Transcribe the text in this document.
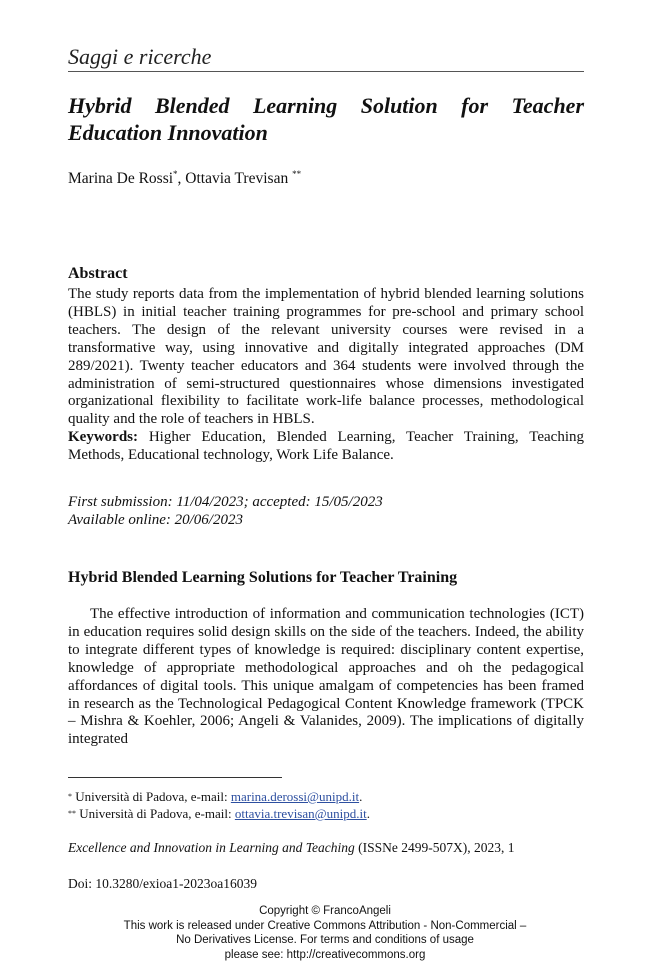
Saggi e ricerche
Hybrid Blended Learning Solution for Teacher Education Innovation
Marina De Rossi*, Ottavia Trevisan **
Abstract
The study reports data from the implementation of hybrid blended learning solutions (HBLS) in initial teacher training programmes for pre-school and primary school teachers. The design of the relevant university courses were revised in a transformative way, using innovative and digitally integrated approaches (DM 289/2021). Twenty teacher educators and 364 students were involved through the administration of semi-structured questionnaires whose dimensions investigated organizational flexibility to facilitate work-life balance processes, methodological quality and the role of teachers in HBLS.
Keywords: Higher Education, Blended Learning, Teacher Training, Teaching Methods, Educational technology, Work Life Balance.
First submission: 11/04/2023; accepted: 15/05/2023
Available online: 20/06/2023
Hybrid Blended Learning Solutions for Teacher Training
The effective introduction of information and communication technologies (ICT) in education requires solid design skills on the side of the teachers. Indeed, the ability to integrate different types of knowledge is required: disciplinary content expertise, knowledge of appropriate methodological approaches and oh the pedagogical affordances of digital tools. This unique amalgam of competencies has been framed in research as the Technological Pedagogical Content Knowledge framework (TPCK – Mishra & Koehler, 2006; Angeli & Valanides, 2009). The implications of digitally integrated
* Università di Padova, e-mail: marina.derossi@unipd.it.
** Università di Padova, e-mail: ottavia.trevisan@unipd.it.
Excellence and Innovation in Learning and Teaching (ISSNe 2499-507X), 2023, 1
Doi: 10.3280/exioa1-2023oa16039
Copyright © FrancoAngeli
This work is released under Creative Commons Attribution - Non-Commercial –
No Derivatives License. For terms and conditions of usage
please see: http://creativecommons.org
